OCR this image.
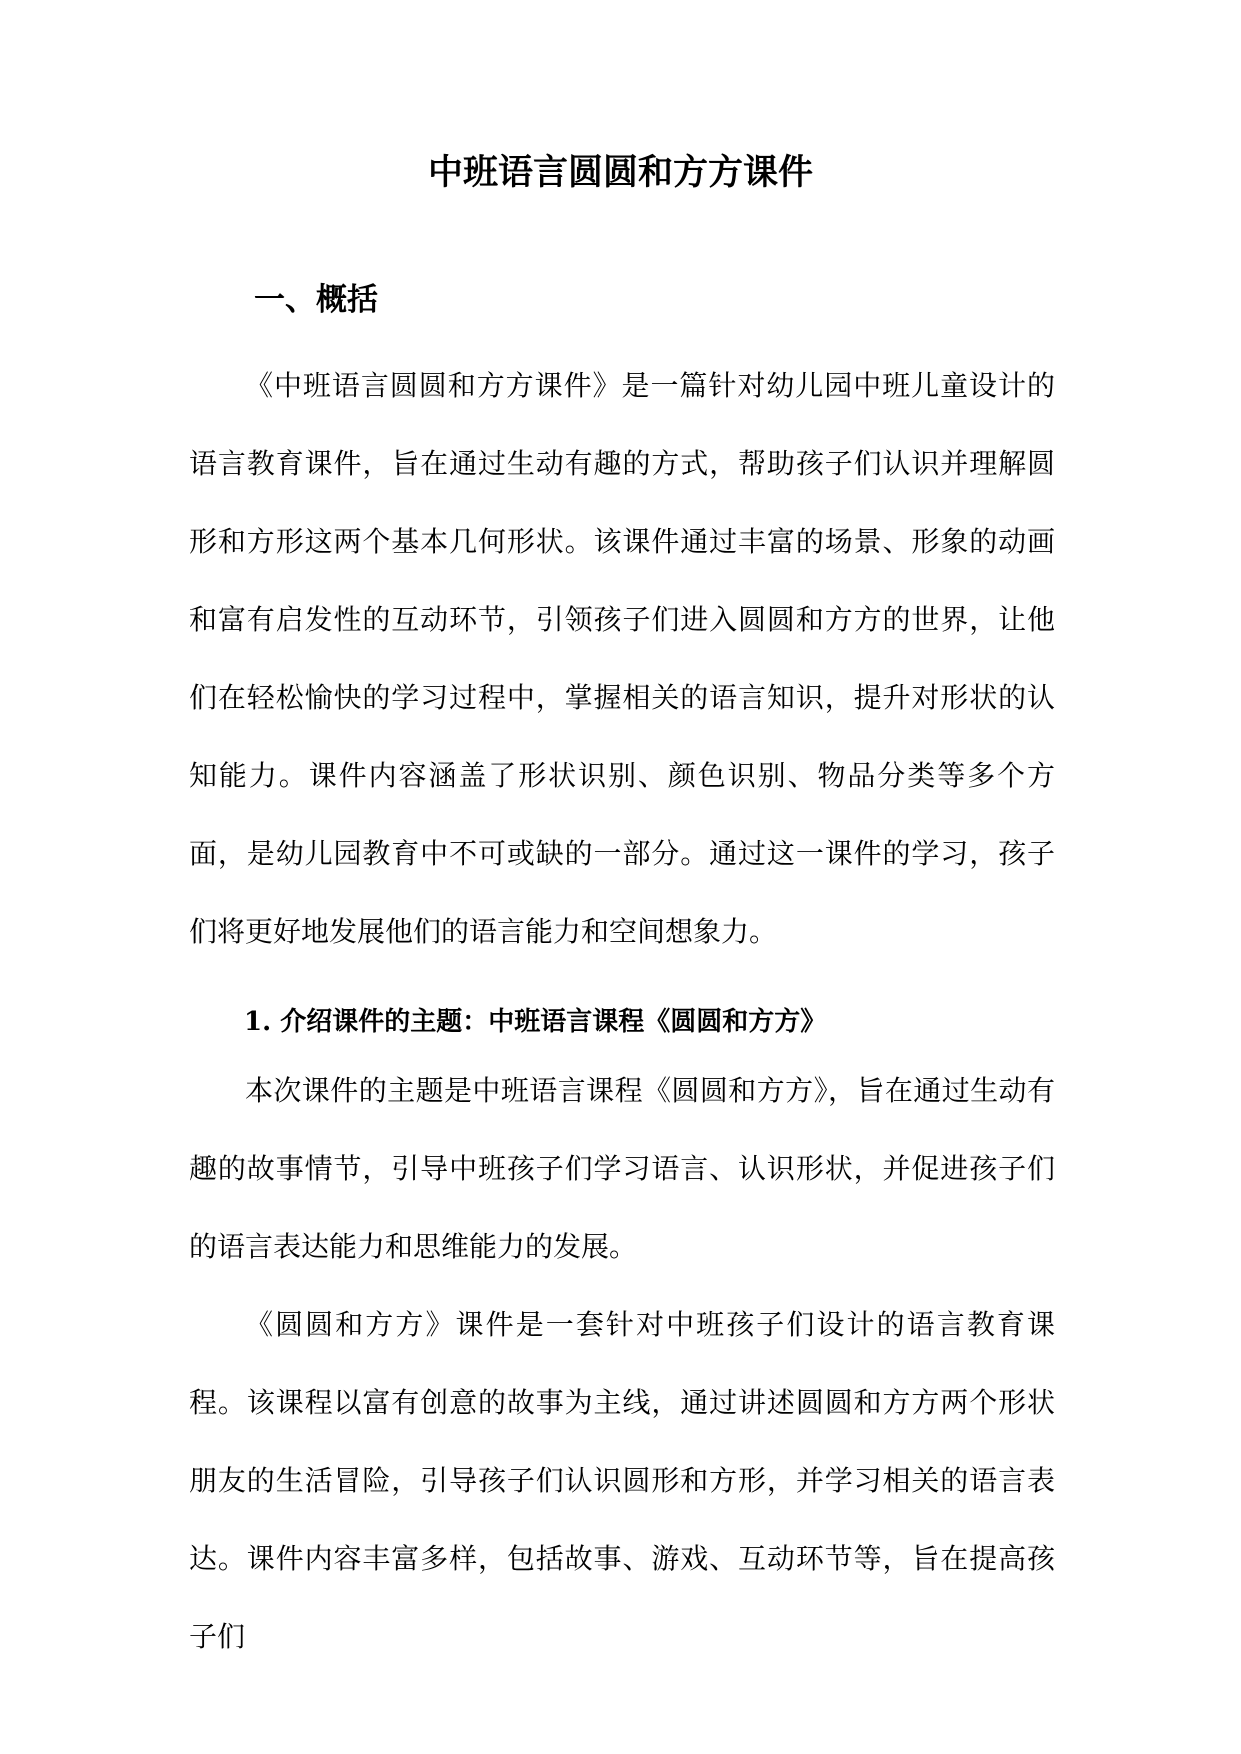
中班语言圆圆和方方课件
一、概括

《中班语言圆圆和方方课件》是一篇针对幼儿园中班儿童设计的语言教育课件，旨在通过生动有趣的方式，帮助孩子们认识并理解圆形和方形这两个基本几何形状。该课件通过丰富的场景、形象的动画和富有启发性的互动环节，引领孩子们进入圆圆和方方的世界，让他们在轻松愉快的学习过程中，掌握相关的语言知识，提升对形状的认知能力。课件内容涵盖了形状识别、颜色识别、物品分类等多个方面，是幼儿园教育中不可或缺的一部分。通过这一课件的学习，孩子们将更好地发展他们的语言能力和空间想象力。

1. 介绍课件的主题：中班语言课程《圆圆和方方》

本次课件的主题是中班语言课程《圆圆和方方》，旨在通过生动有趣的故事情节，引导中班孩子们学习语言、认识形状，并促进孩子们的语言表达能力和思维能力的发展。

《圆圆和方方》课件是一套针对中班孩子们设计的语言教育课程。该课程以富有创意的故事为主线，通过讲述圆圆和方方两个形状朋友的生活冒险，引导孩子们认识圆形和方形，并学习相关的语言表达。课件内容丰富多样，包括故事、游戏、互动环节等，旨在提高孩子们
